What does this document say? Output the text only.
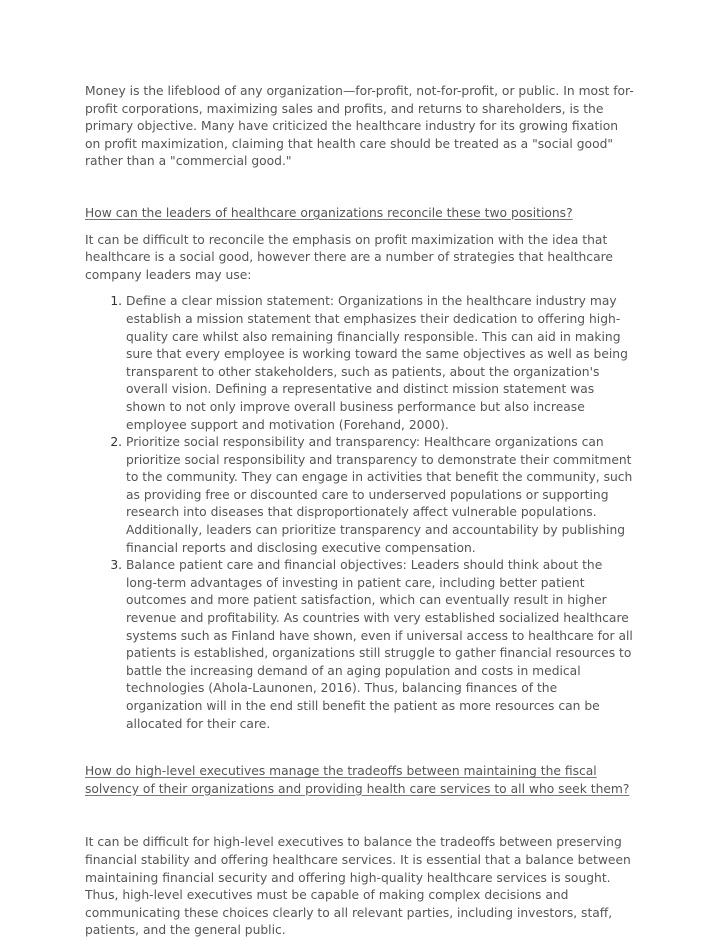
Money is the lifeblood of any organization—for-profit, not-for-profit, or public. In most for-profit corporations, maximizing sales and profits, and returns to shareholders, is the primary objective. Many have criticized the healthcare industry for its growing fixation on profit maximization, claiming that health care should be treated as a "social good" rather than a "commercial good."

How can the leaders of healthcare organizations reconcile these two positions?

It can be difficult to reconcile the emphasis on profit maximization with the idea that healthcare is a social good, however there are a number of strategies that healthcare company leaders may use:

1. Define a clear mission statement: Organizations in the healthcare industry may establish a mission statement that emphasizes their dedication to offering high-quality care whilst also remaining financially responsible. This can aid in making sure that every employee is working toward the same objectives as well as being transparent to other stakeholders, such as patients, about the organization's overall vision. Defining a representative and distinct mission statement was shown to not only improve overall business performance but also increase employee support and motivation (Forehand, 2000).
2. Prioritize social responsibility and transparency: Healthcare organizations can prioritize social responsibility and transparency to demonstrate their commitment to the community. They can engage in activities that benefit the community, such as providing free or discounted care to underserved populations or supporting research into diseases that disproportionately affect vulnerable populations. Additionally, leaders can prioritize transparency and accountability by publishing financial reports and disclosing executive compensation.
3. Balance patient care and financial objectives: Leaders should think about the long-term advantages of investing in patient care, including better patient outcomes and more patient satisfaction, which can eventually result in higher revenue and profitability. As countries with very established socialized healthcare systems such as Finland have shown, even if universal access to healthcare for all patients is established, organizations still struggle to gather financial resources to battle the increasing demand of an aging population and costs in medical technologies (Ahola-Launonen, 2016). Thus, balancing finances of the organization will in the end still benefit the patient as more resources can be allocated for their care.

How do high-level executives manage the tradeoffs between maintaining the fiscal solvency of their organizations and providing health care services to all who seek them?

It can be difficult for high-level executives to balance the tradeoffs between preserving financial stability and offering healthcare services. It is essential that a balance between maintaining financial security and offering high-quality healthcare services is sought. Thus, high-level executives must be capable of making complex decisions and communicating these choices clearly to all relevant parties, including investors, staff, patients, and the general public.
